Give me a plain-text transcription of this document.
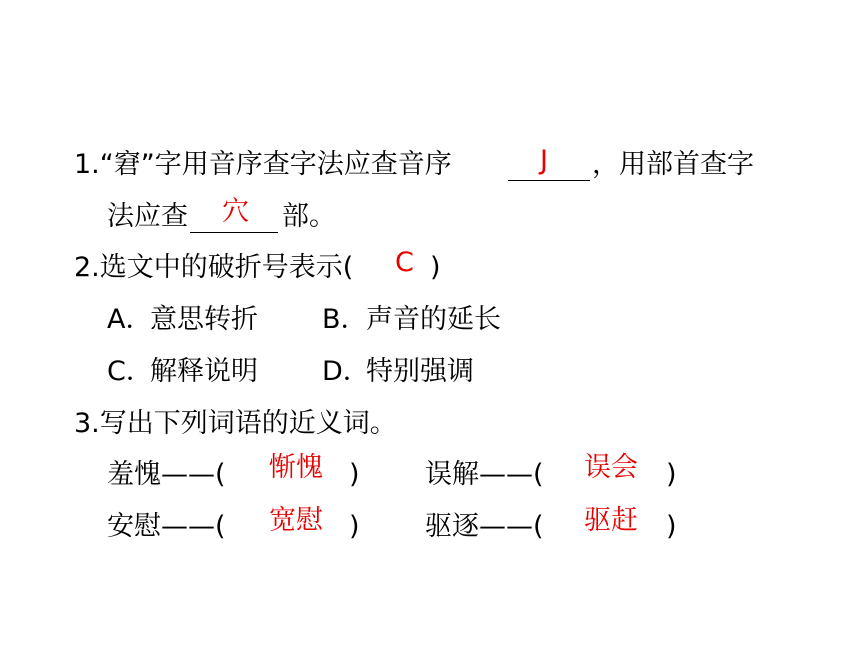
1.“窘”字用音序查字法应查音序	J ，用部首查字
法应查 穴 部。
2.选文中的破折号表示( C )
A．
意思转折 B．
声音的延长
C．
解释说明 D．
特别强调
3.写出下列词语的近义词。
羞愧——( 惭愧 ) 误解——( 误会 )
安慰——( 宽慰 ) 驱逐——( 驱赶 )
